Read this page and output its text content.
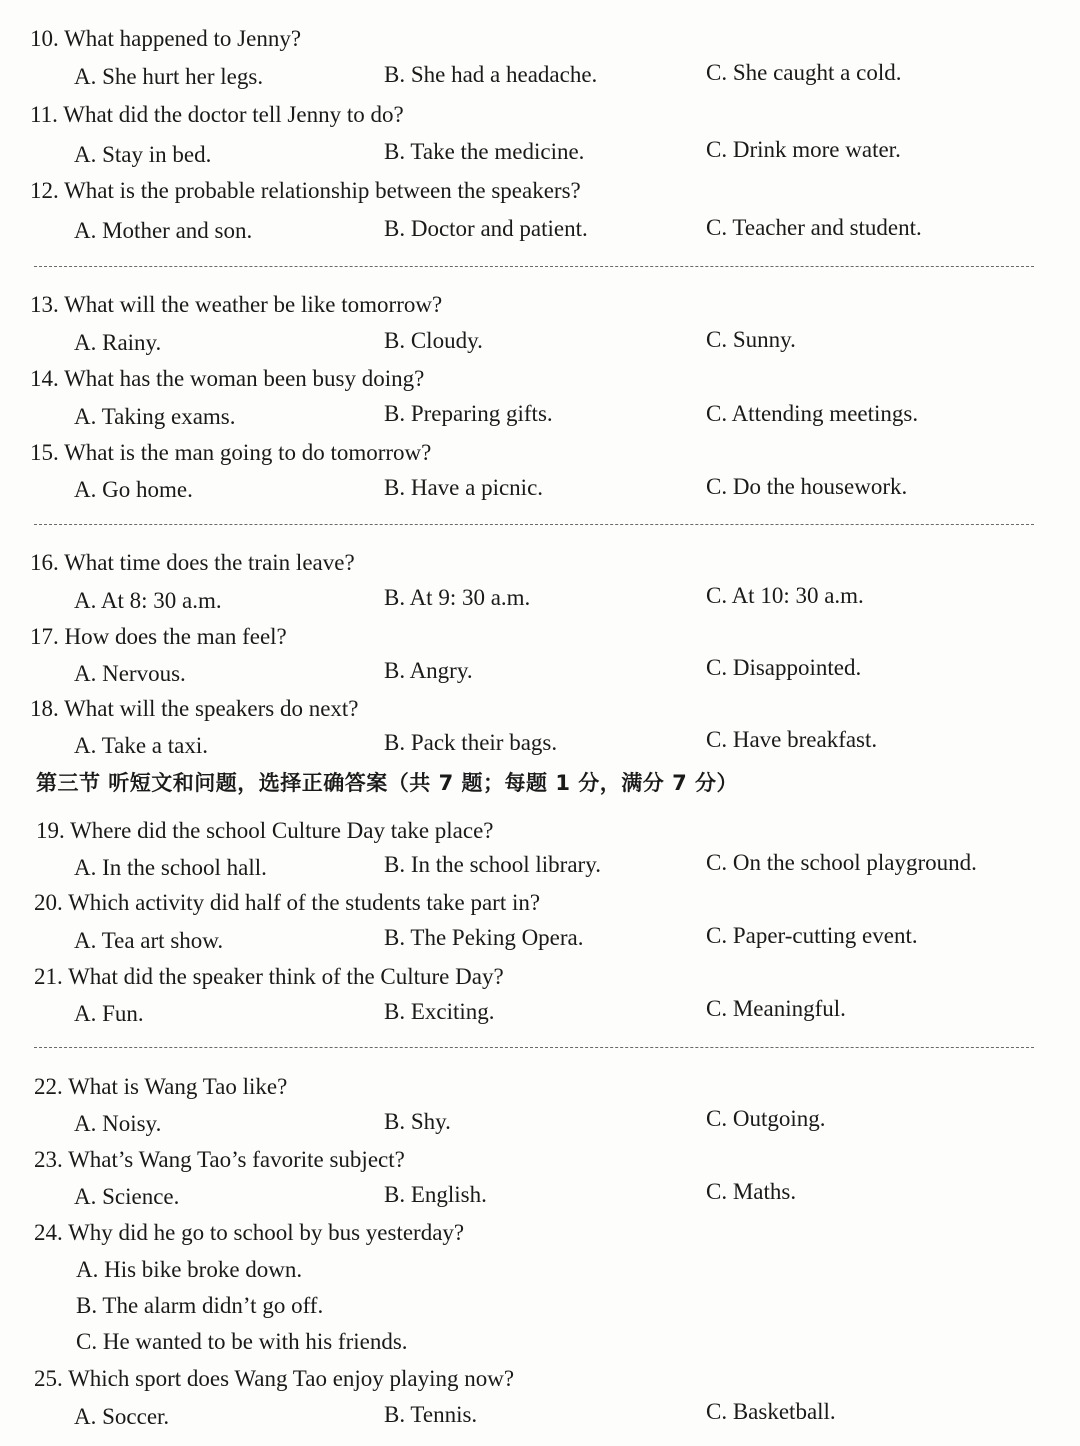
10. What happened to Jenny?
A. She hurt her legs.	B. She had a headache.	C. She caught a cold.
11. What did the doctor tell Jenny to do?
A. Stay in bed.	B. Take the medicine.	C. Drink more water.
12. What is the probable relationship between the speakers?
A. Mother and son.	B. Doctor and patient.	C. Teacher and student.
13. What will the weather be like tomorrow?
A. Rainy.	B. Cloudy.	C. Sunny.
14. What has the woman been busy doing?
A. Taking exams.	B. Preparing gifts.	C. Attending meetings.
15. What is the man going to do tomorrow?
A. Go home.	B. Have a picnic.	C. Do the housework.
16. What time does the train leave?
A. At 8: 30 a.m.	B. At 9: 30 a.m.	C. At 10: 30 a.m.
17. How does the man feel?
A. Nervous.	B. Angry.	C. Disappointed.
18. What will the speakers do next?
A. Take a taxi.	B. Pack their bags.	C. Have breakfast.
第三节 听短文和问题，选择正确答案（共 7 题；每题 1 分，满分 7 分）
19. Where did the school Culture Day take place?
A. In the school hall.	B. In the school library.	C. On the school playground.
20. Which activity did half of the students take part in?
A. Tea art show.	B. The Peking Opera.	C. Paper-cutting event.
21. What did the speaker think of the Culture Day?
A. Fun.	B. Exciting.	C. Meaningful.
22. What is Wang Tao like?
A. Noisy.	B. Shy.	C. Outgoing.
23. What’s Wang Tao’s favorite subject?
A. Science.	B. English.	C. Maths.
24. Why did he go to school by bus yesterday?
A. His bike broke down.
B. The alarm didn’t go off.
C. He wanted to be with his friends.
25. Which sport does Wang Tao enjoy playing now?
A. Soccer.	B. Tennis.	C. Basketball.
